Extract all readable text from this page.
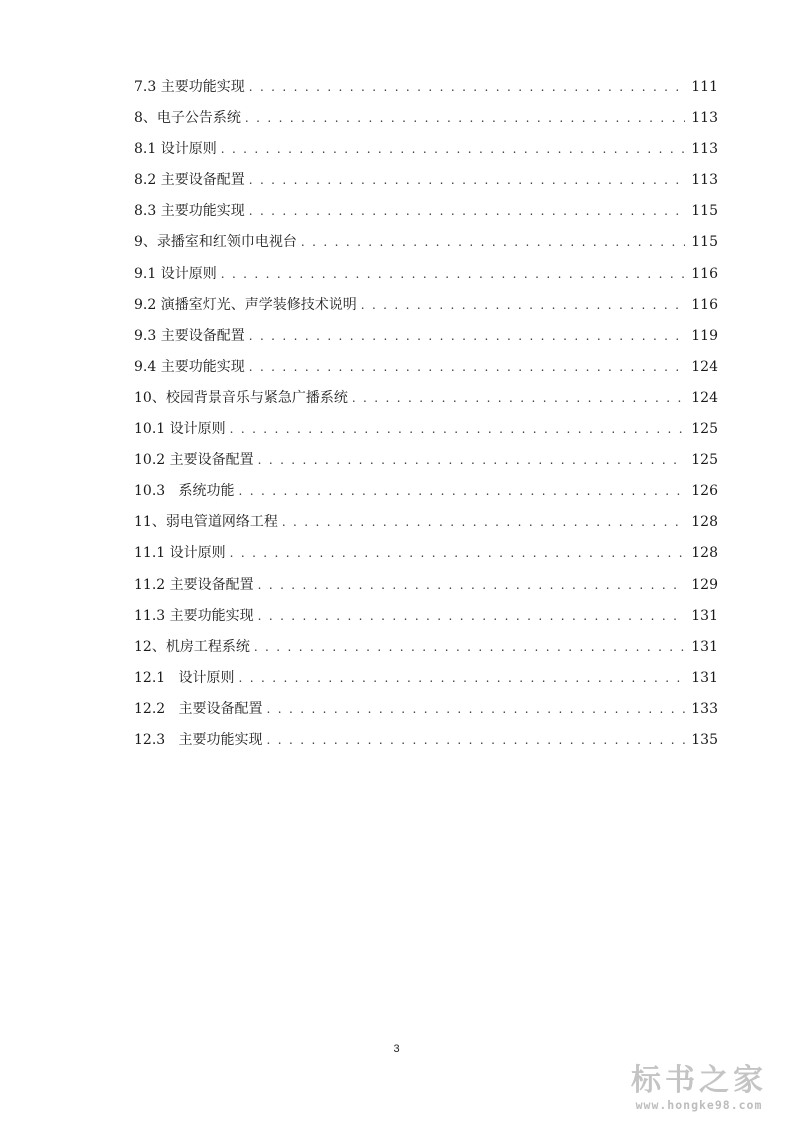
7.3 主要功能实现 . . .	111
8、电子公告系统 . . .	113
8.1 设计原则 . . .	113
8.2 主要设备配置 . . .	113
8.3 主要功能实现 . . .	115
9、录播室和红领巾电视台 . . .	115
9.1 设计原则 . . .	116
9.2 演播室灯光、声学装修技术说明 . . .	116
9.3 主要设备配置 . . .	119
9.4 主要功能实现 . . .	124
10、校园背景音乐与紧急广播系统 . . .	124
10.1 设计原则 . . .	125
10.2 主要设备配置 . . .	125
10.3   系统功能 . . .	126
11、弱电管道网络工程 . . .	128
11.1 设计原则 . . .	128
11.2 主要设备配置 . . .	129
11.3 主要功能实现 . . .	131
12、机房工程系统 . . .	131
12.1   设计原则 . . .	131
12.2   主要设备配置 . . .	133
12.3   主要功能实现 . . .	135
3
标书之家
www.hongke98.com
